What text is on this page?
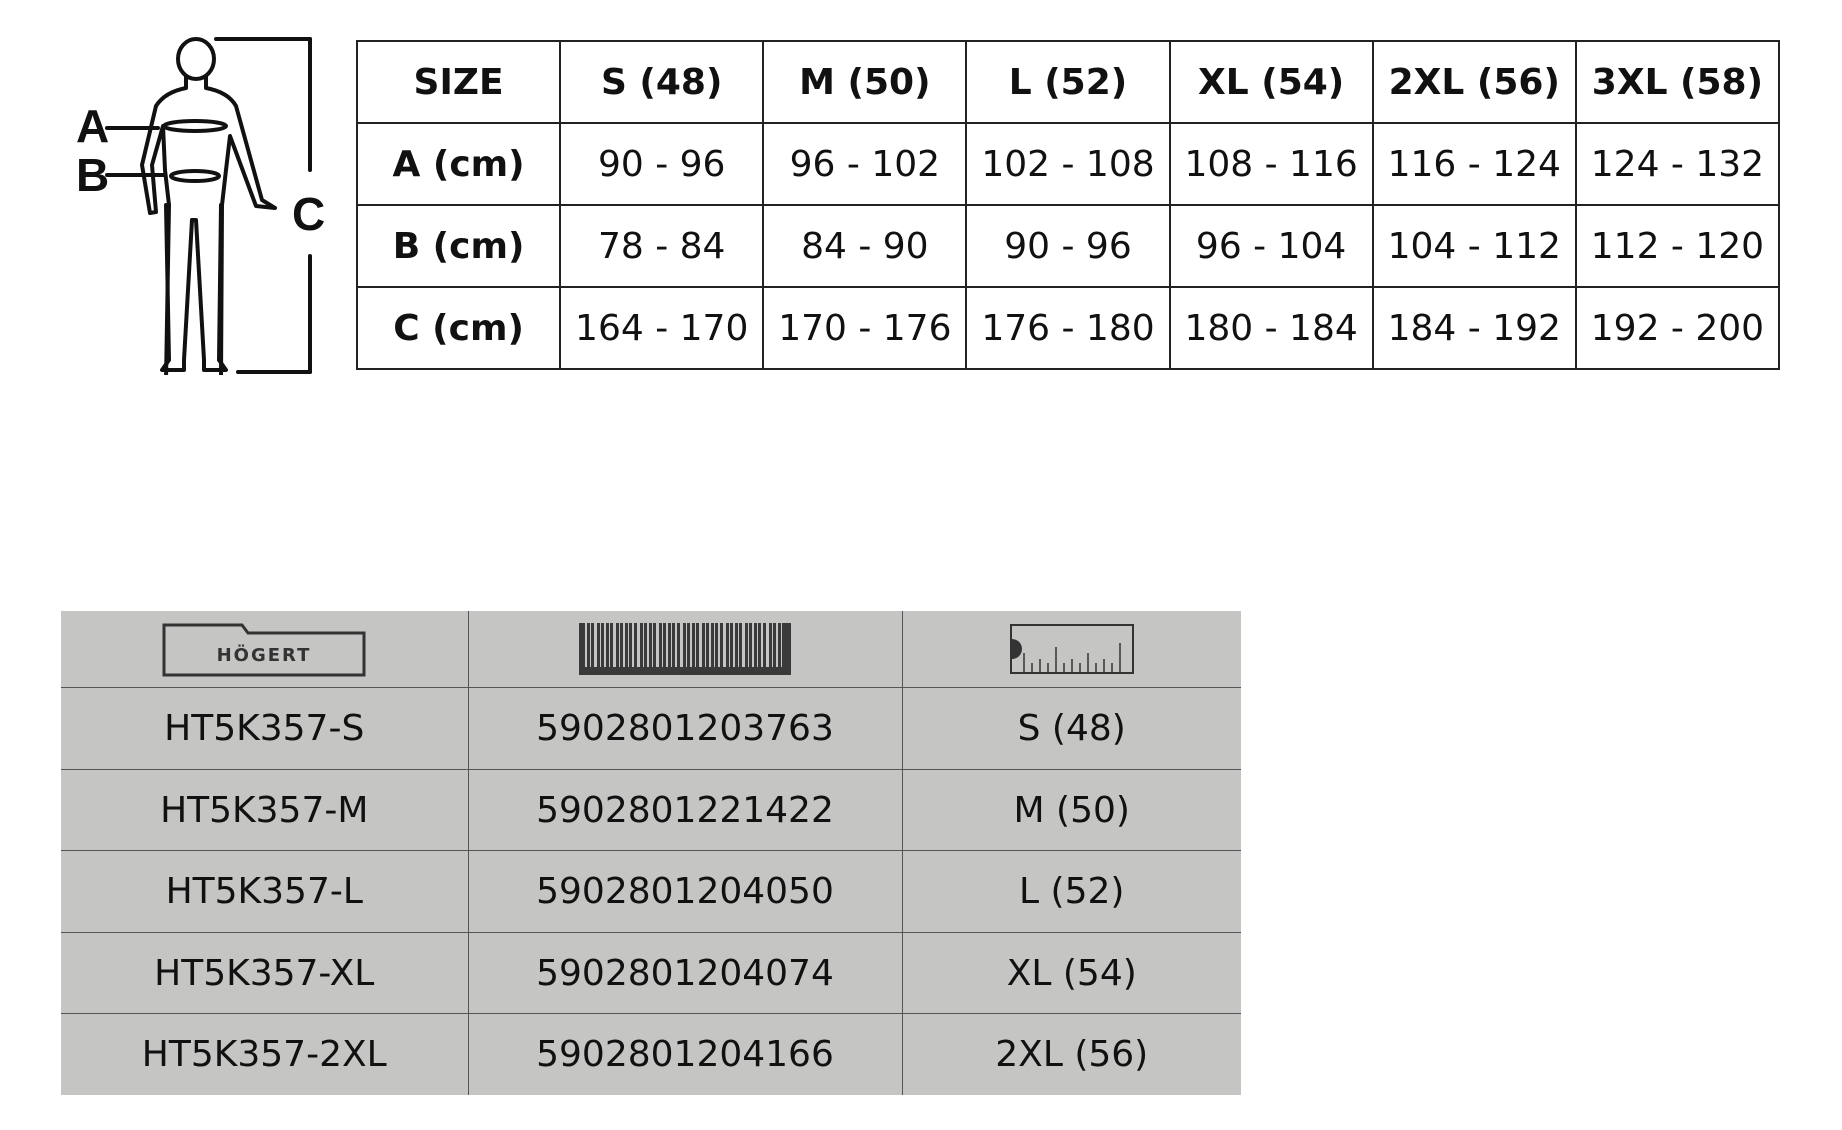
A
B
C
SIZE	S (48)	M (50)	L (52)	XL (54)	2XL (56)	3XL (58)
A (cm)	90 - 96	96 - 102	102 - 108	108 - 116	116 - 124	124 - 132
B (cm)	78 - 84	84 - 90	90 - 96	96 - 104	104 - 112	112 - 120
C (cm)	164 - 170	170 - 176	176 - 180	180 - 184	184 - 192	192 - 200
HÖGERT

HT5K357-S	5902801203763	S (48)
HT5K357-M	5902801221422	M (50)
HT5K357-L	5902801204050	L (52)
HT5K357-XL	5902801204074	XL (54)
HT5K357-2XL	5902801204166	2XL (56)
